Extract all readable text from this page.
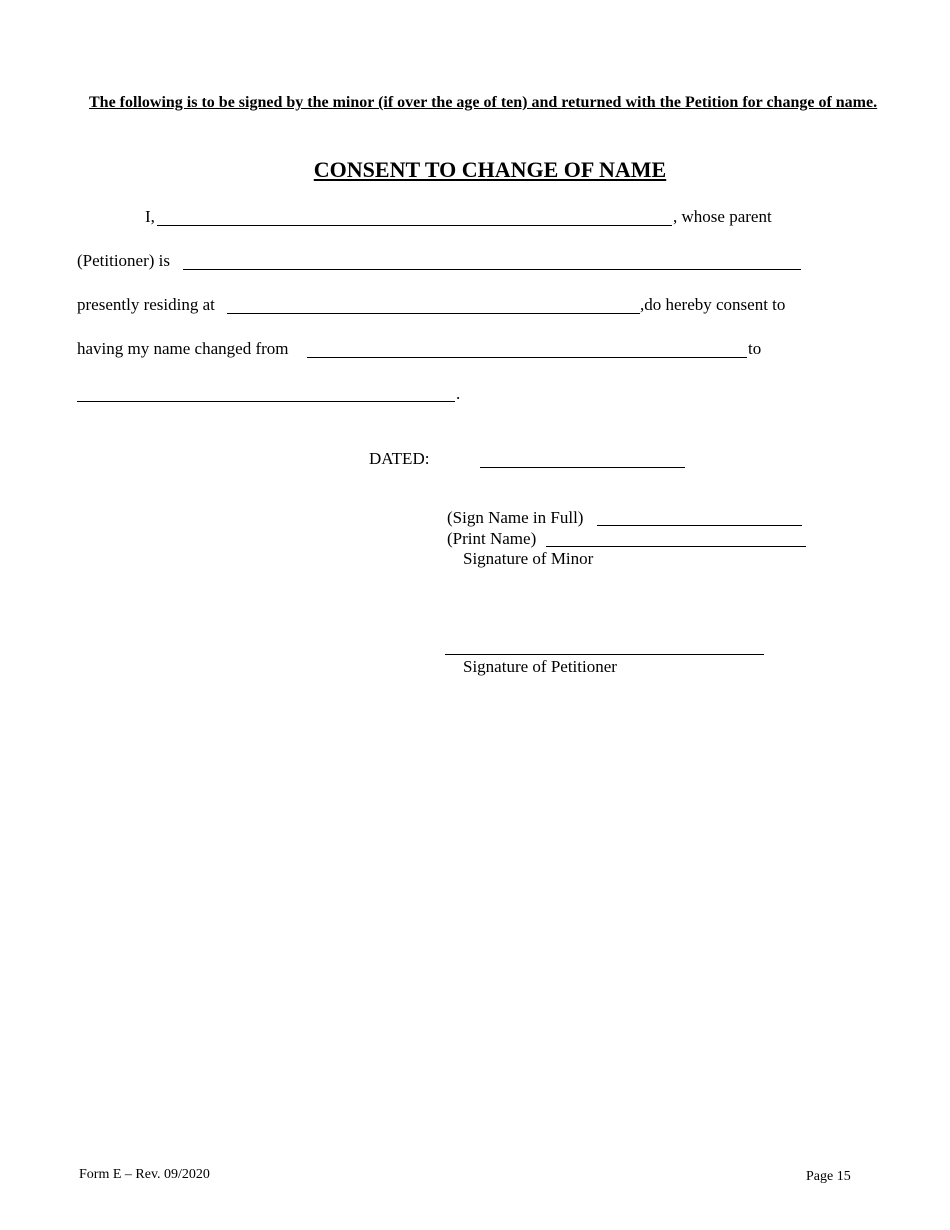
The following is to be signed by the minor (if over the age of ten) and returned with the Petition for change of name.
CONSENT TO CHANGE OF NAME
I,	, whose parent
(Petitioner) is
presently residing at	,do hereby consent to
having my name changed from	to
.
DATED:
(Sign Name in Full)
(Print Name)
Signature of Minor
Signature of Petitioner
Form E – Rev. 09/2020	Page 15
